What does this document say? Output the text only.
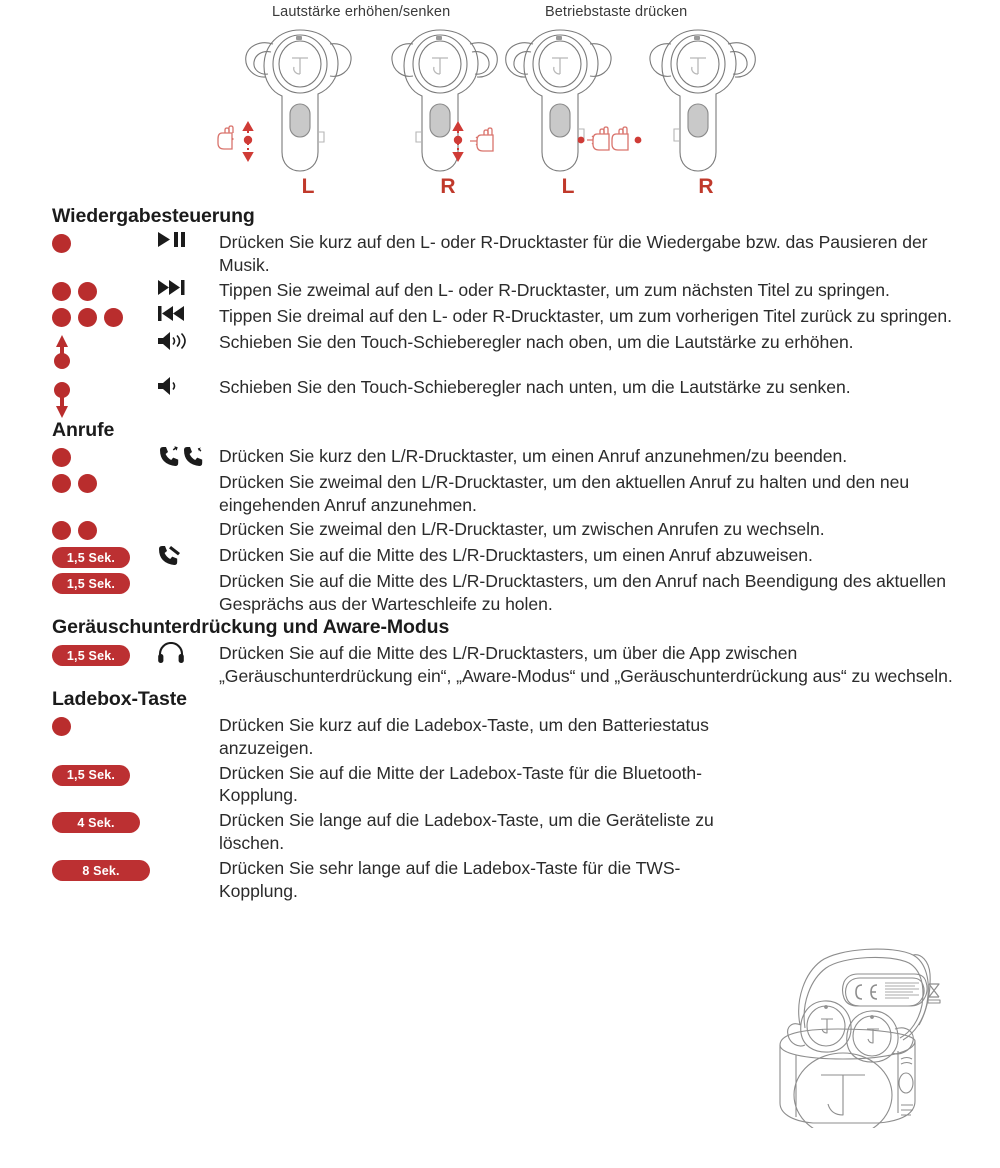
Lautstärke erhöhen/senken	Betriebstaste drücken
L	R	L	R
Wiedergabesteuerung
Drücken Sie kurz auf den L- oder R-Drucktaster für die Wiedergabe bzw. das Pausieren der Musik.
Tippen Sie zweimal auf den L- oder R-Drucktaster, um zum nächsten Titel zu springen.
Tippen Sie dreimal auf den L- oder R-Drucktaster, um zum vorherigen Titel zurück zu springen.
Schieben Sie den Touch-Schieberegler nach oben, um die Lautstärke zu erhöhen.
Schieben Sie den Touch-Schieberegler nach unten, um die Lautstärke zu senken.
Anrufe
Drücken Sie kurz den L/R-Drucktaster, um einen Anruf anzunehmen/zu beenden.
Drücken Sie zweimal den L/R-Drucktaster, um den aktuellen Anruf zu halten und den neu eingehenden Anruf anzunehmen.
Drücken Sie zweimal den L/R-Drucktaster, um zwischen Anrufen zu wechseln.
1,5 Sek.	Drücken Sie auf die Mitte des L/R-Drucktasters, um einen Anruf abzuweisen.
1,5 Sek.	Drücken Sie auf die Mitte des L/R-Drucktasters, um den Anruf nach Beendigung des aktuellen Gesprächs aus der Warteschleife zu holen.
Geräuschunterdrückung und Aware-Modus
1,5 Sek.	Drücken Sie auf die Mitte des L/R-Drucktasters, um über die App zwischen „Geräuschunterdrückung ein“, „Aware-Modus“ und „Geräuschunterdrückung aus“ zu wechseln.
Ladebox-Taste
Drücken Sie kurz auf die Ladebox-Taste, um den Batteriestatus anzuzeigen.
1,5 Sek.	Drücken Sie auf die Mitte der Ladebox-Taste für die Bluetooth-Kopplung.
4 Sek.	Drücken Sie lange auf die Ladebox-Taste, um die Geräteliste zu löschen.
8 Sek.	Drücken Sie sehr lange auf die Ladebox-Taste für die TWS-Kopplung.
